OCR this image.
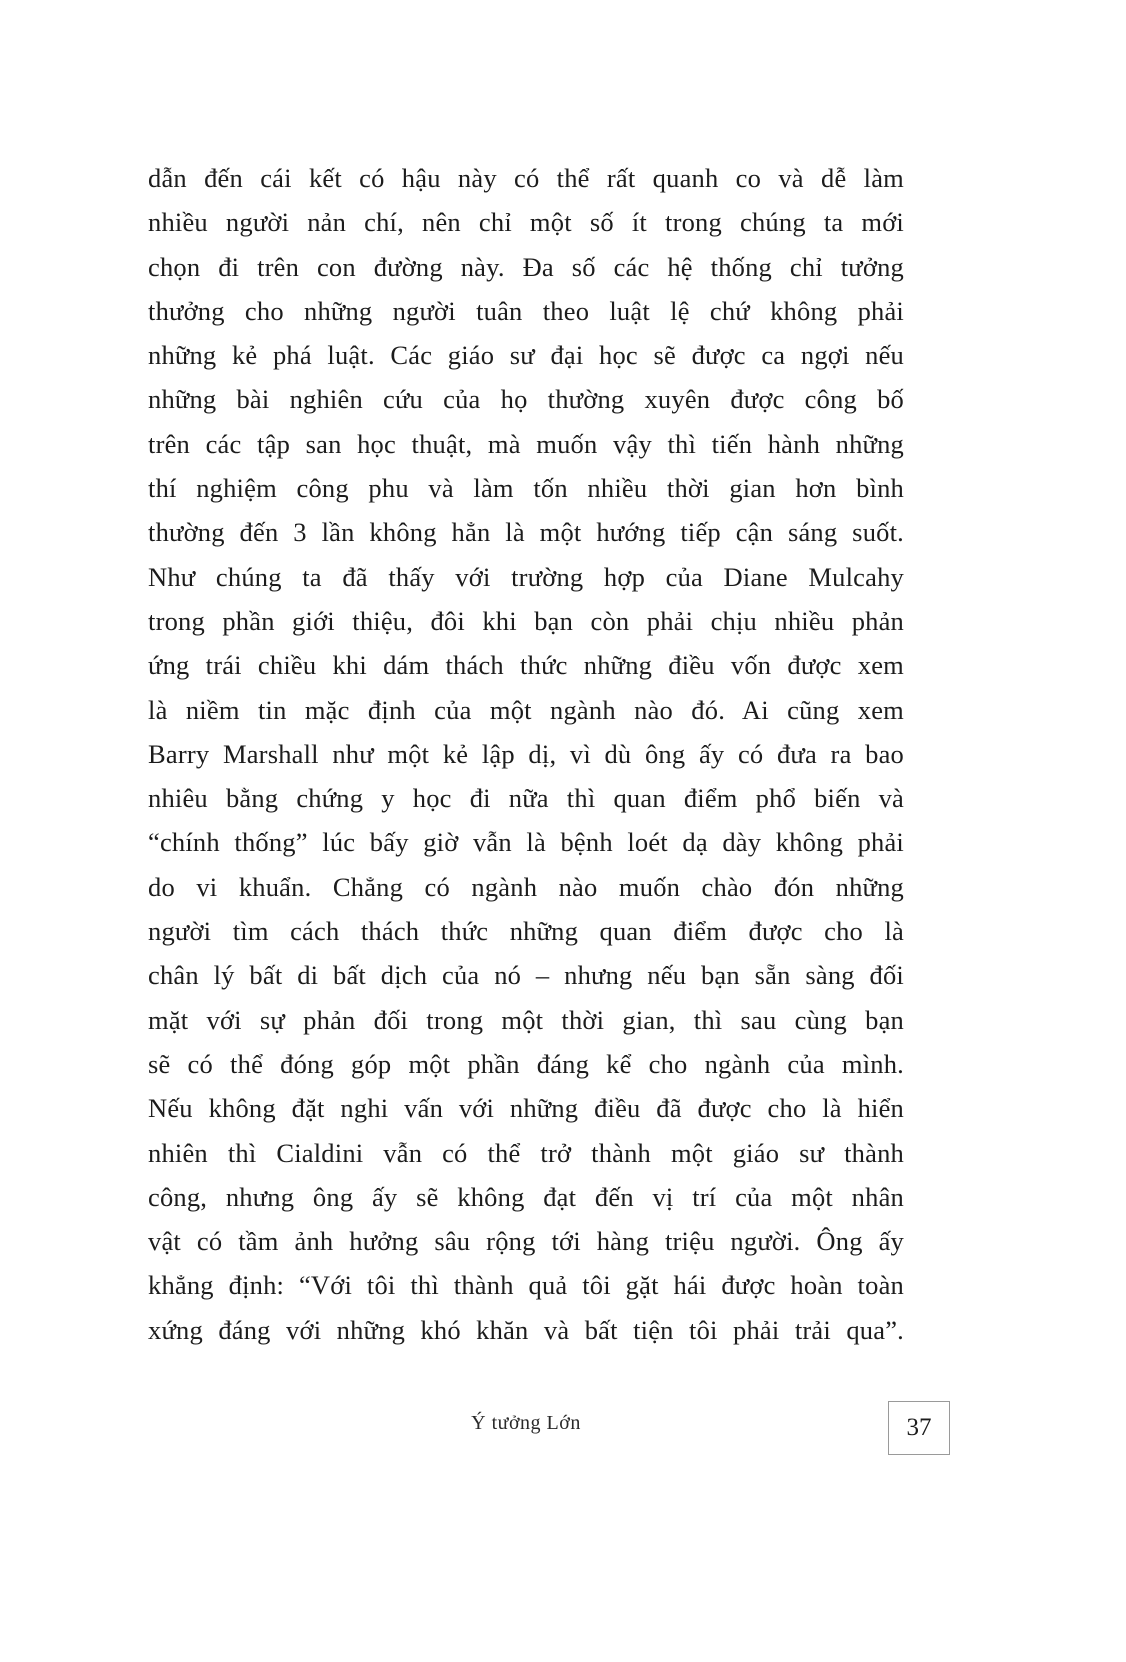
dẫn đến cái kết có hậu này có thể rất quanh co và dễ làm
nhiều người nản chí, nên chỉ một số ít trong chúng ta mới
chọn đi trên con đường này. Đa số các hệ thống chỉ tưởng
thưởng cho những người tuân theo luật lệ chứ không phải
những kẻ phá luật. Các giáo sư đại học sẽ được ca ngợi nếu
những bài nghiên cứu của họ thường xuyên được công bố
trên các tập san học thuật, mà muốn vậy thì tiến hành những
thí nghiệm công phu và làm tốn nhiều thời gian hơn bình
thường đến 3 lần không hẳn là một hướng tiếp cận sáng suốt.
Như chúng ta đã thấy với trường hợp của Diane Mulcahy
trong phần giới thiệu, đôi khi bạn còn phải chịu nhiều phản
ứng trái chiều khi dám thách thức những điều vốn được xem
là niềm tin mặc định của một ngành nào đó. Ai cũng xem
Barry Marshall như một kẻ lập dị, vì dù ông ấy có đưa ra bao
nhiêu bằng chứng y học đi nữa thì quan điểm phổ biến và
“chính thống” lúc bấy giờ vẫn là bệnh loét dạ dày không phải
do vi khuẩn. Chẳng có ngành nào muốn chào đón những
người tìm cách thách thức những quan điểm được cho là
chân lý bất di bất dịch của nó – nhưng nếu bạn sẵn sàng đối
mặt với sự phản đối trong một thời gian, thì sau cùng bạn
sẽ có thể đóng góp một phần đáng kể cho ngành của mình.
Nếu không đặt nghi vấn với những điều đã được cho là hiển
nhiên thì Cialdini vẫn có thể trở thành một giáo sư thành
công, nhưng ông ấy sẽ không đạt đến vị trí của một nhân
vật có tầm ảnh hưởng sâu rộng tới hàng triệu người. Ông ấy
khẳng định: “Với tôi thì thành quả tôi gặt hái được hoàn toàn
xứng đáng với những khó khăn và bất tiện tôi phải trải qua”.
Ý tưởng Lớn	37
